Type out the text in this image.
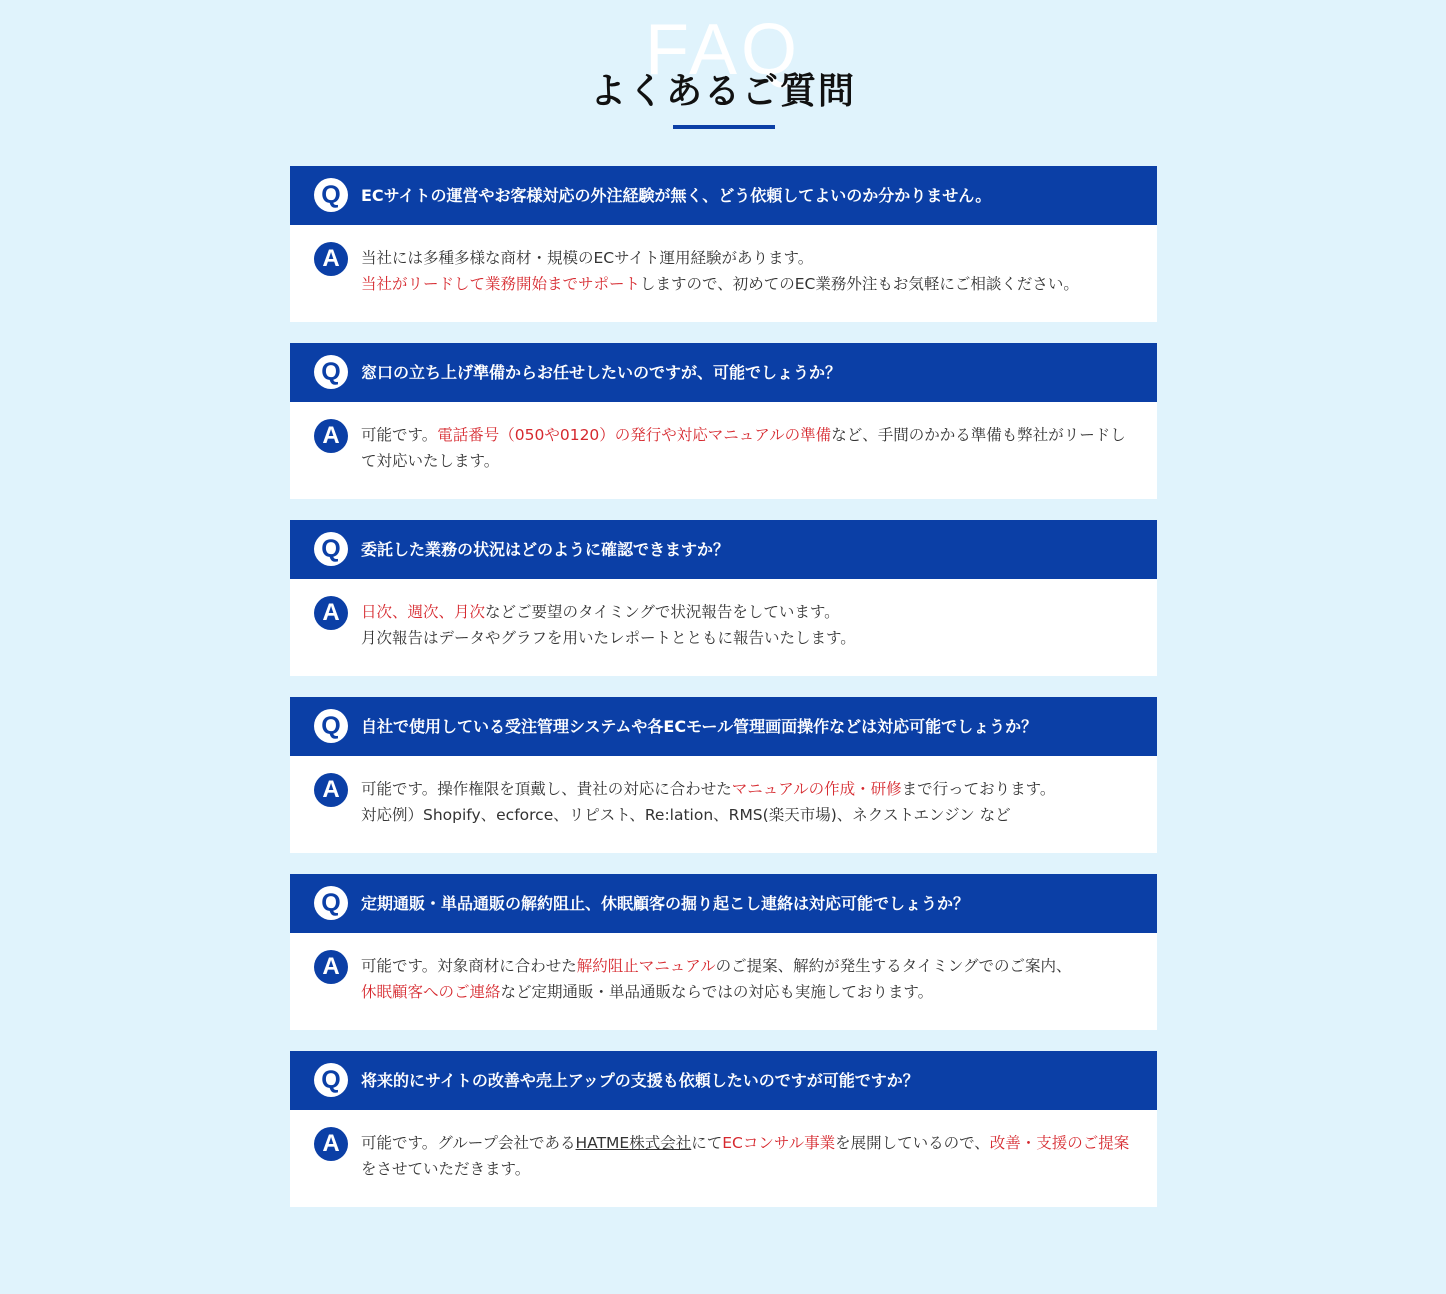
FAQ
よくあるご質問
Q	ECサイトの運営やお客様対応の外注経験が無く、どう依頼してよいのか分かりません。
A	当社には多種多様な商材・規模のECサイト運用経験があります。
当社がリードして業務開始までサポートしますので、初めてのEC業務外注もお気軽にご相談ください。
Q	窓口の立ち上げ準備からお任せしたいのですが、可能でしょうか？
A	可能です。電話番号（050や0120）の発行や対応マニュアルの準備など、手間のかかる準備も弊社がリードして対応いたします。
Q	委託した業務の状況はどのように確認できますか？
A	日次、週次、月次などご要望のタイミングで状況報告をしています。
月次報告はデータやグラフを用いたレポートとともに報告いたします。
Q	自社で使用している受注管理システムや各ECモール管理画面操作などは対応可能でしょうか？
A	可能です。操作権限を頂戴し、貴社の対応に合わせたマニュアルの作成・研修まで行っております。
対応例）Shopify、ecforce、リピスト、Re:lation、RMS(楽天市場)、ネクストエンジン など
Q	定期通販・単品通販の解約阻止、休眠顧客の掘り起こし連絡は対応可能でしょうか？
A	可能です。対象商材に合わせた解約阻止マニュアルのご提案、解約が発生するタイミングでのご案内、
休眠顧客へのご連絡など定期通販・単品通販ならではの対応も実施しております。
Q	将来的にサイトの改善や売上アップの支援も依頼したいのですが可能ですか？
A	可能です。グループ会社であるHATME株式会社にてECコンサル事業を展開しているので、改善・支援のご提案をさせていただきます。
